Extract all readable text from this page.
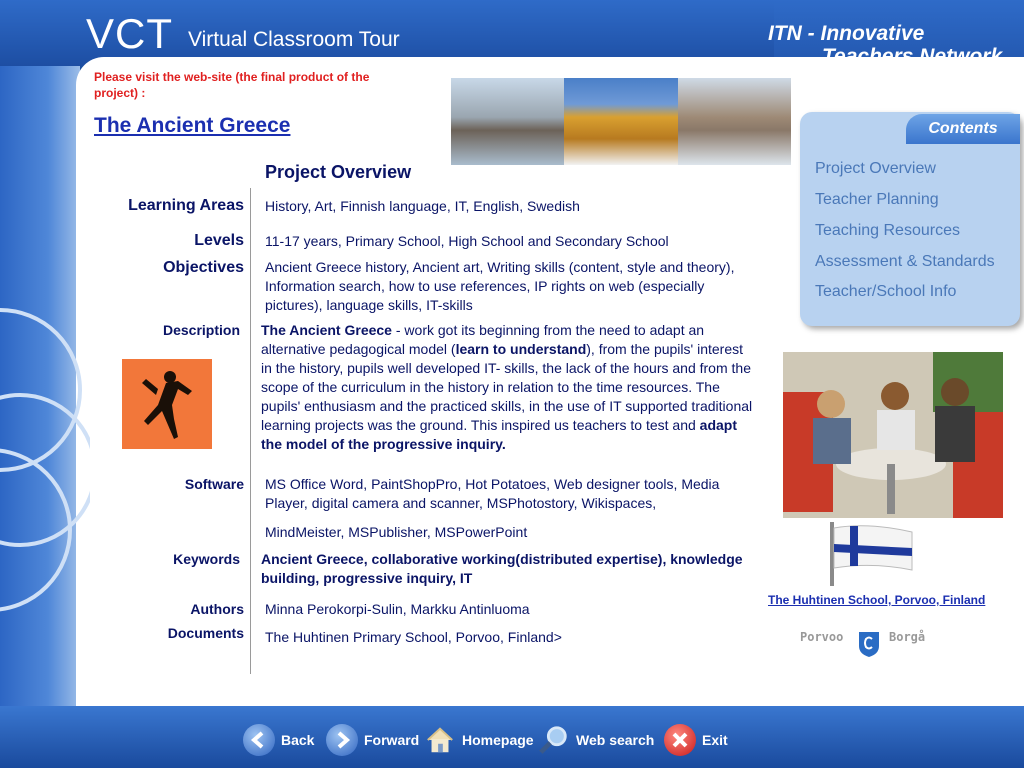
VCT Virtual Classroom Tour	ITN - Innovative
Teachers Network
Please visit the web-site (the final product of the project) :
The Ancient Greece
Project Overview
Learning Areas History, Art, Finnish language, IT, English, Swedish
Levels 11-17 years, Primary School, High School and Secondary School
Objectives Ancient Greece history, Ancient art, Writing skills (content, style and theory), Information search, how to use references, IP rights on web (especially pictures), language skills, IT-skills
Description The Ancient Greece - work got its beginning from the need to adapt an alternative pedagogical model (learn to understand), from the pupils' interest in the history, pupils well developed IT- skills, the lack of the hours and from the scope of the curriculum in the history in relation to the time resources. The pupils' enthusiasm and the practiced skills, in the use of IT supported traditional learning projects was the ground. This inspired us teachers to test and adapt the model of the progressive inquiry.
Software MS Office Word, PaintShopPro, Hot Potatoes, Web designer tools, Media Player, digital camera and scanner, MSPhotostory, Wikispaces,
MindMeister, MSPublisher, MSPowerPoint
Keywords Ancient Greece, collaborative working(distributed expertise), knowledge building, progressive inquiry, IT
Authors Minna Perokorpi-Sulin, Markku Antinluoma
Documents The Huhtinen Primary School, Porvoo, Finland>
Contents
Project Overview
Teacher Planning
Teaching Resources
Assessment & Standards
Teacher/School Info
The Huhtinen School, Porvoo, Finland
Porvoo	Borgå
Back	Forward	Homepage	Web search	Exit
